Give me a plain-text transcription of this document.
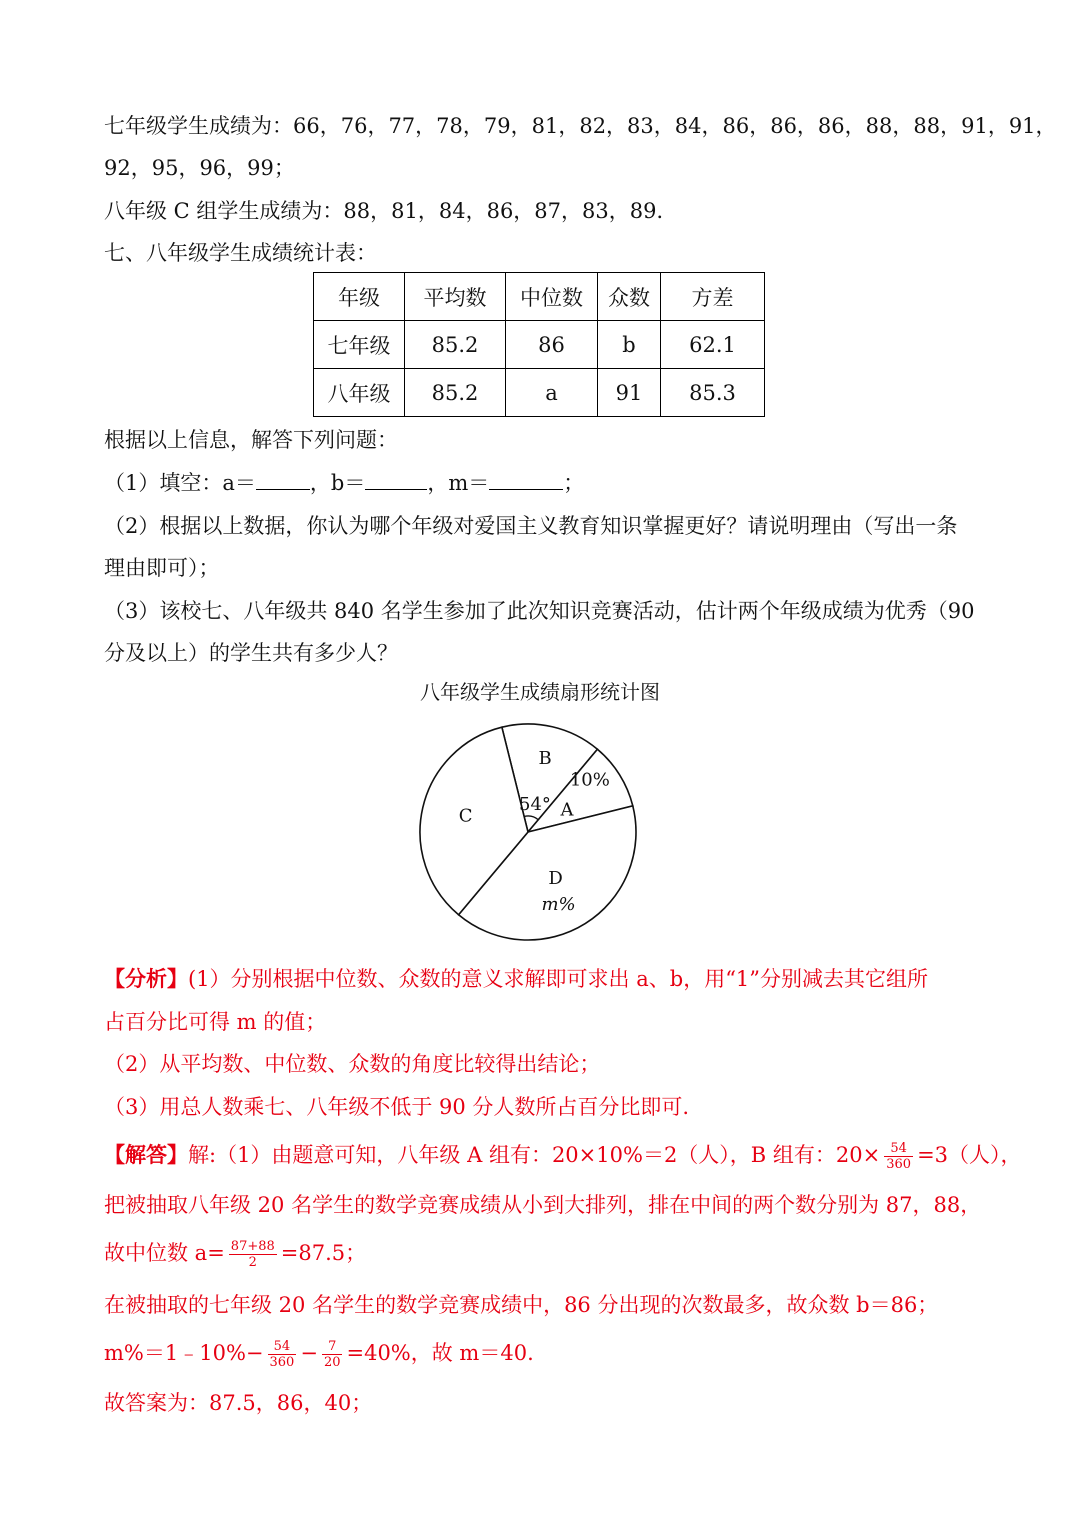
七年级学生成绩为：66，76，77，78，79，81，82，83，84，86，86，86，88，88，91，91，
92，95，96，99；
八年级 C 组学生成绩为：88，81，84，86，87，83，89．
七、八年级学生成绩统计表：
年级	平均数	中位数	众数	方差
七年级	85.2	86	b	62.1
八年级	85.2	a	91	85.3
根据以上信息，解答下列问题：
（1）填空：a＝	，b＝	，m＝	；
（2）根据以上数据，你认为哪个年级对爱国主义教育知识掌握更好？请说明理由（写出一条
理由即可）；
（3）该校七、八年级共 840 名学生参加了此次知识竞赛活动，估计两个年级成绩为优秀（90
分及以上）的学生共有多少人？
八年级学生成绩扇形统计图
B
A
C
D
54°
10%
m%
【分析】(1）分别根据中位数、众数的意义求解即可求出 a、b，用“1”分别减去其它组所
占百分比可得 m 的值；
（2）从平均数、中位数、众数的角度比较得出结论；
（3）用总人数乘七、八年级不低于 90 分人数所占百分比即可.
【解答】解:（1）由题意可知，八年级 A 组有：20×10%＝2（人），B 组有：$20\times \frac{54}{360} =3$（人），
把被抽取八年级 20 名学生的数学竞赛成绩从小到大排列，排在中间的两个数分别为 87，88，
故中位数 $a= \frac{87+88}{2} =87.5$；
在被抽取的七年级 20 名学生的数学竞赛成绩中，86 分出现的次数最多，故众数 b＝86；
m%＝1﹣10%− $\frac{54}{360} - \frac{7}{20} =40\%$，故 m＝40.
故答案为：87.5，86，40；
